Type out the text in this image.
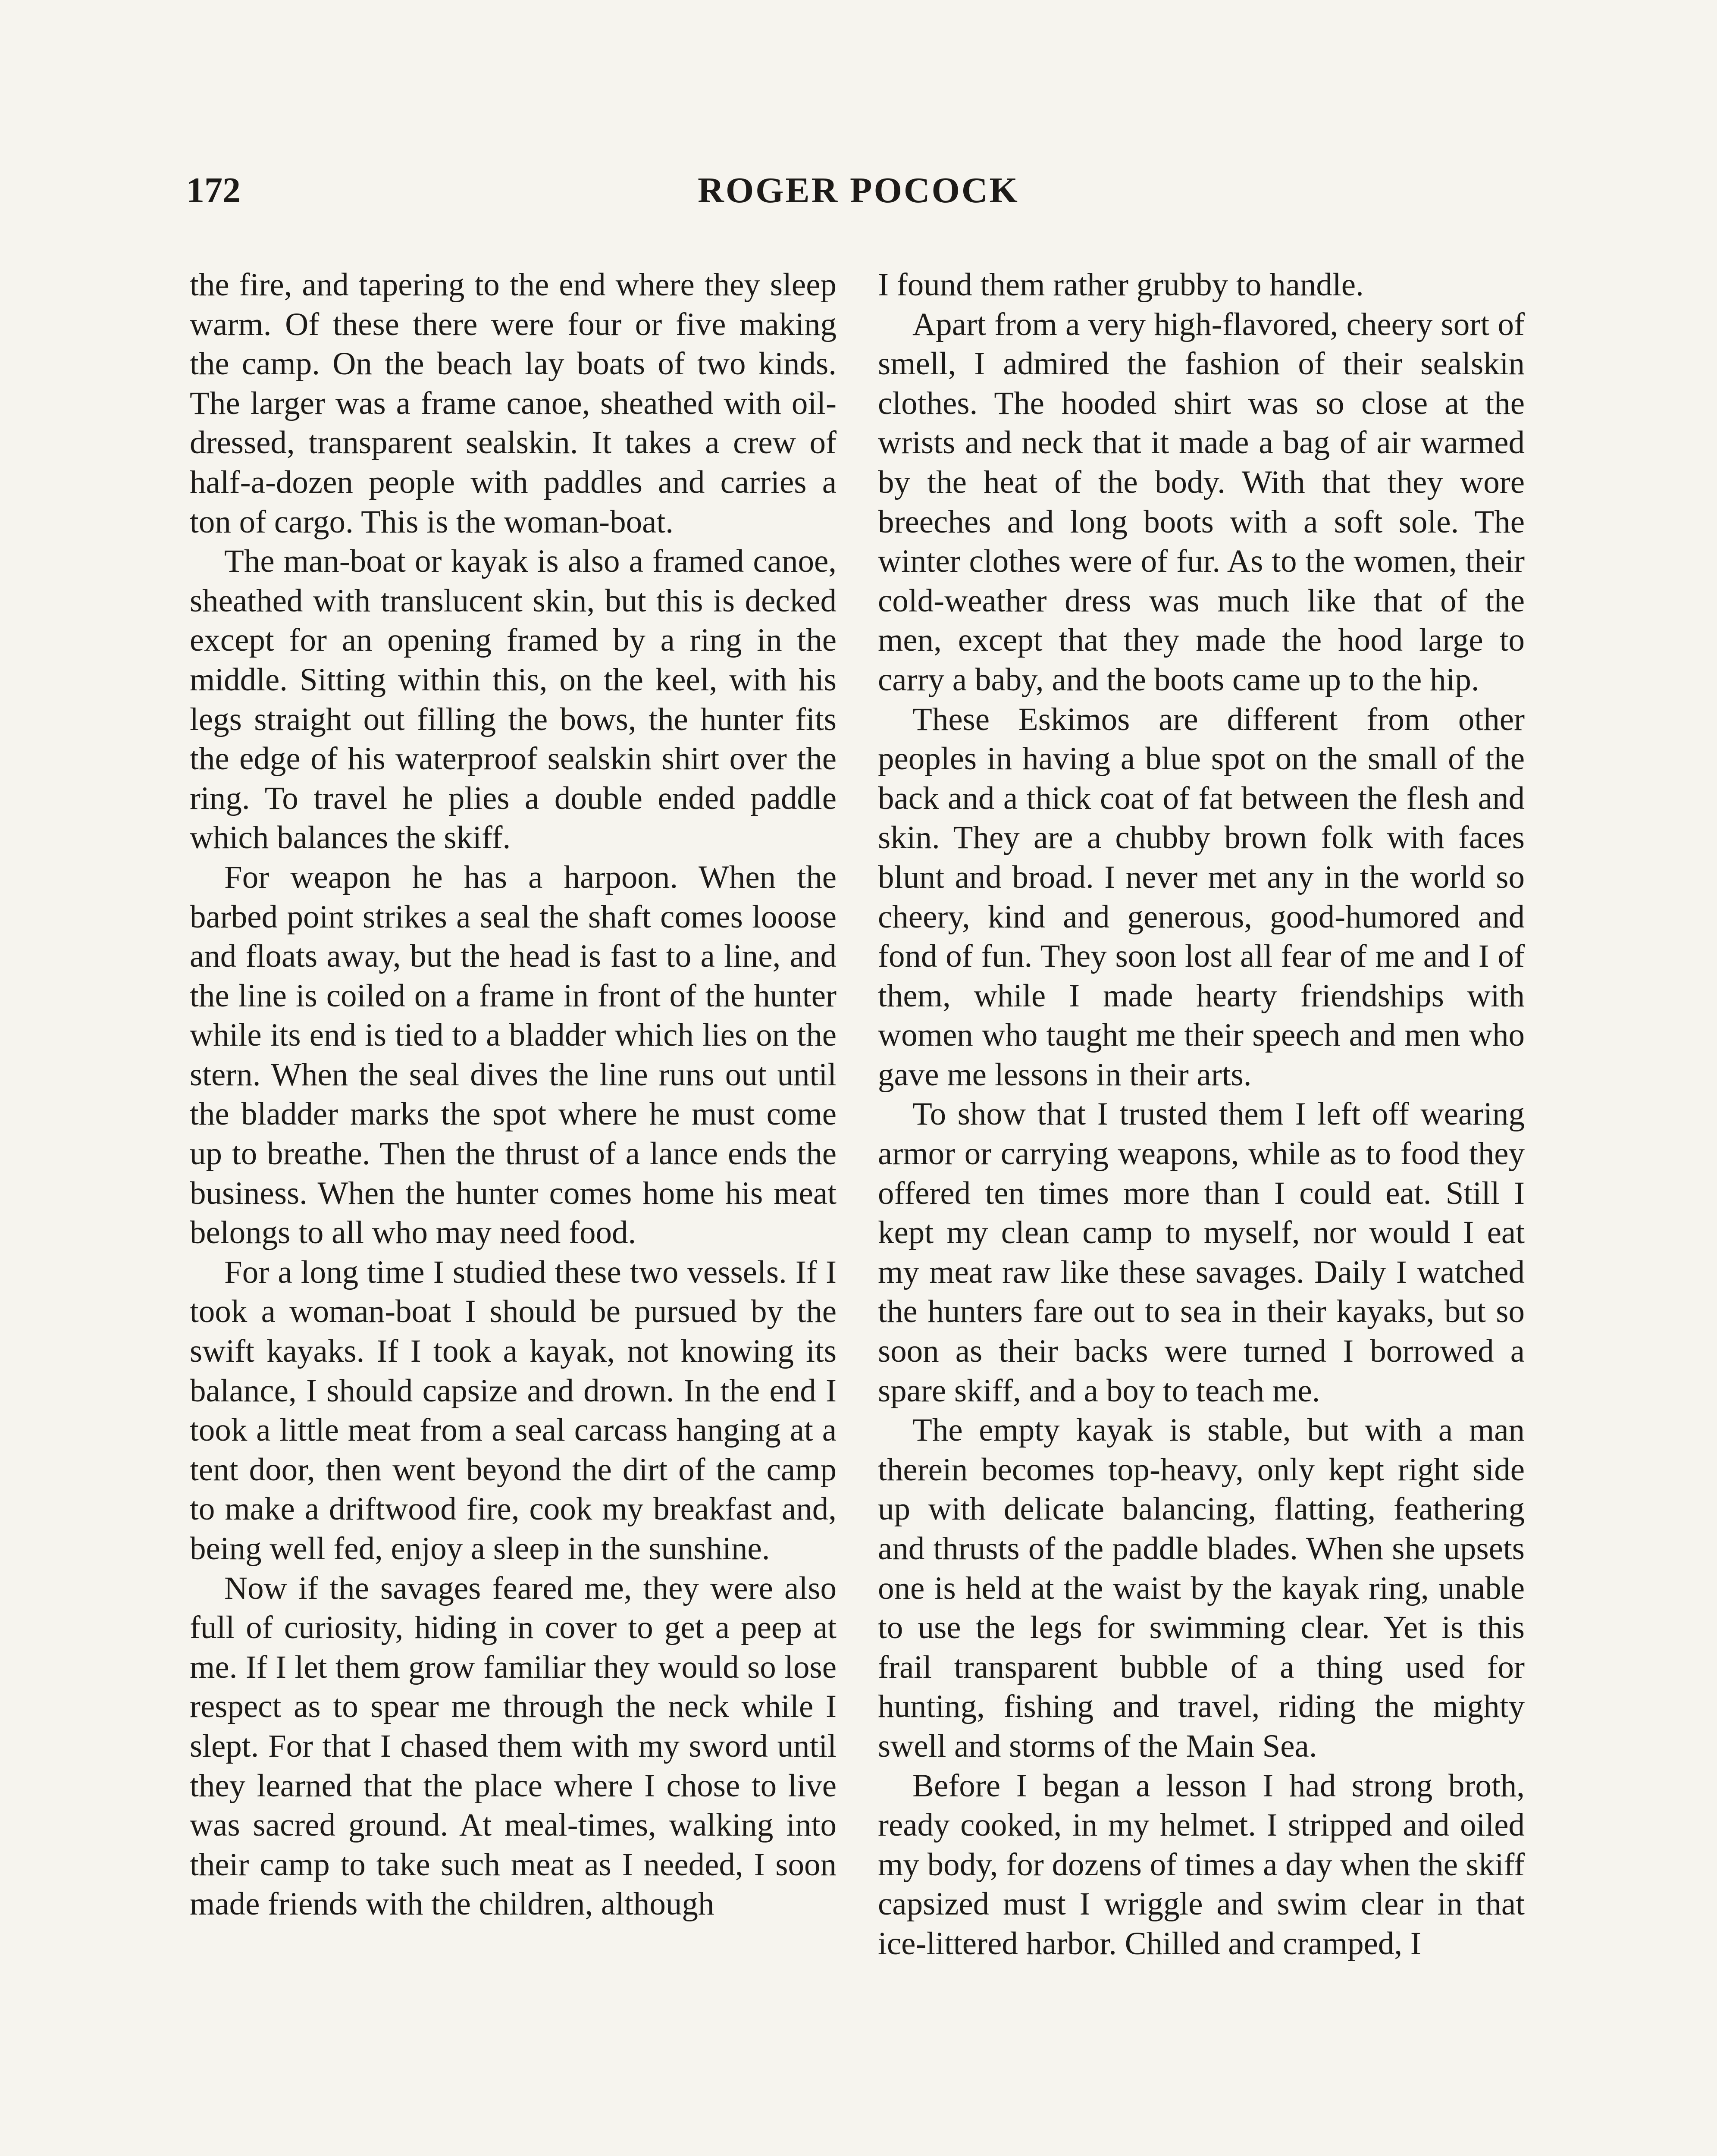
172	ROGER POCOCK

the fire, and tapering to the end where they sleep warm. Of these there were four or five making the camp. On the beach lay boats of two kinds. The larger was a frame canoe, sheathed with oil-dressed, transparent sealskin. It takes a crew of half-a-dozen people with paddles and carries a ton of cargo. This is the woman-boat.

The man-boat or kayak is also a framed canoe, sheathed with translucent skin, but this is decked except for an opening framed by a ring in the middle. Sitting within this, on the keel, with his legs straight out filling the bows, the hunter fits the edge of his waterproof sealskin shirt over the ring. To travel he plies a double ended paddle which balances the skiff.

For weapon he has a harpoon. When the barbed point strikes a seal the shaft comes looose and floats away, but the head is fast to a line, and the line is coiled on a frame in front of the hunter while its end is tied to a bladder which lies on the stern. When the seal dives the line runs out until the bladder marks the spot where he must come up to breathe. Then the thrust of a lance ends the business. When the hunter comes home his meat belongs to all who may need food.

For a long time I studied these two vessels. If I took a woman-boat I should be pursued by the swift kayaks. If I took a kayak, not knowing its balance, I should capsize and drown. In the end I took a little meat from a seal carcass hanging at a tent door, then went beyond the dirt of the camp to make a driftwood fire, cook my breakfast and, being well fed, enjoy a sleep in the sunshine.

Now if the savages feared me, they were also full of curiosity, hiding in cover to get a peep at me. If I let them grow familiar they would so lose respect as to spear me through the neck while I slept. For that I chased them with my sword until they learned that the place where I chose to live was sacred ground. At meal-times, walking into their camp to take such meat as I needed, I soon made friends with the children, although

I found them rather grubby to handle.

Apart from a very high-flavored, cheery sort of smell, I admired the fashion of their sealskin clothes. The hooded shirt was so close at the wrists and neck that it made a bag of air warmed by the heat of the body. With that they wore breeches and long boots with a soft sole. The winter clothes were of fur. As to the women, their cold-weather dress was much like that of the men, except that they made the hood large to carry a baby, and the boots came up to the hip.

These Eskimos are different from other peoples in having a blue spot on the small of the back and a thick coat of fat between the flesh and skin. They are a chubby brown folk with faces blunt and broad. I never met any in the world so cheery, kind and generous, good-humored and fond of fun. They soon lost all fear of me and I of them, while I made hearty friendships with women who taught me their speech and men who gave me lessons in their arts.

To show that I trusted them I left off wearing armor or carrying weapons, while as to food they offered ten times more than I could eat. Still I kept my clean camp to myself, nor would I eat my meat raw like these savages. Daily I watched the hunters fare out to sea in their kayaks, but so soon as their backs were turned I borrowed a spare skiff, and a boy to teach me.

The empty kayak is stable, but with a man therein becomes top-heavy, only kept right side up with delicate balancing, flatting, feathering and thrusts of the paddle blades. When she upsets one is held at the waist by the kayak ring, unable to use the legs for swimming clear. Yet is this frail transparent bubble of a thing used for hunting, fishing and travel, riding the mighty swell and storms of the Main Sea.

Before I began a lesson I had strong broth, ready cooked, in my helmet. I stripped and oiled my body, for dozens of times a day when the skiff capsized must I wriggle and swim clear in that ice-littered harbor. Chilled and cramped, I
